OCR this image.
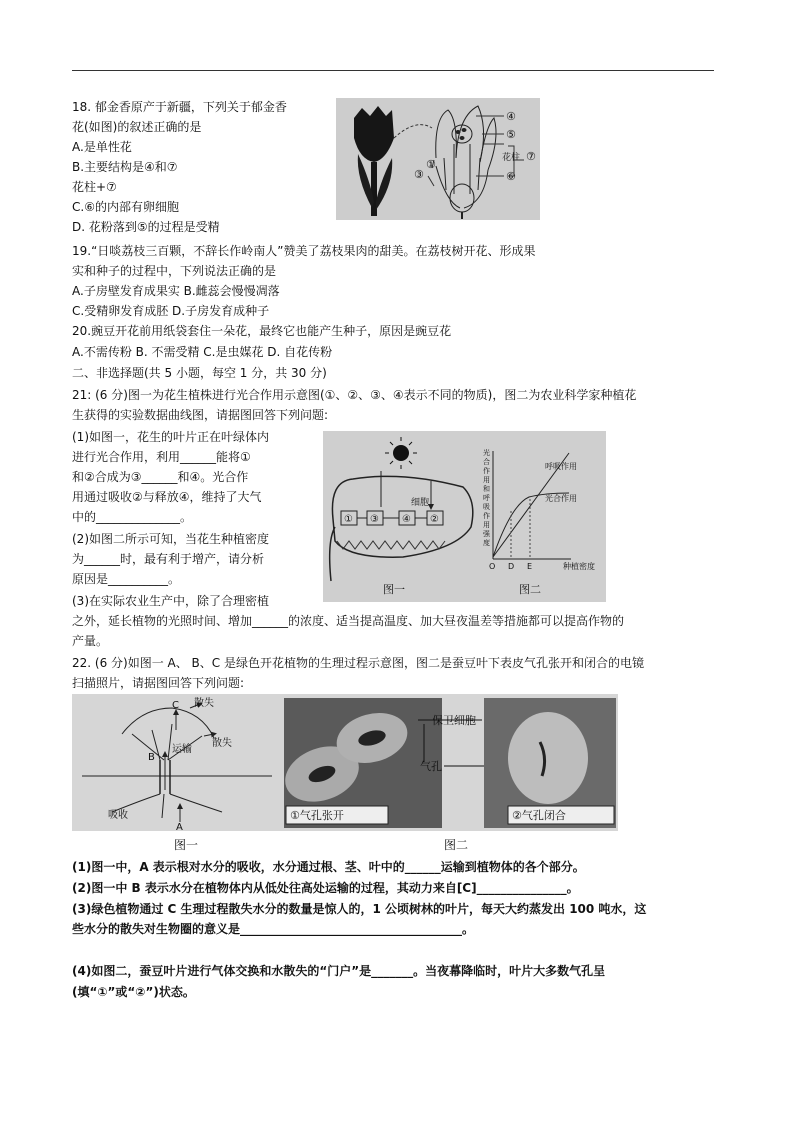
18. 郁金香原产于新疆，下列关于郁金香
花(如图)的叙述正确的是
A.是单性花
B.主要结构是④和⑦
花柱+⑦
C.⑥的内部有卵细胞
D. 花粉落到⑤的过程是受精
④
⑤
花柱 ⑦
③
①
⑥
19.“日啖荔枝三百颗，不辞长作岭南人”赞美了荔枝果肉的甜美。在荔枝树开花、形成果
实和种子的过程中，下列说法正确的是
A.子房壁发育成果实 B.雌蕊会慢慢凋落
C.受精卵发育成胚 D.子房发育成种子
20.豌豆开花前用纸袋套住一朵花，最终它也能产生种子，原因是豌豆花
A.不需传粉 B. 不需受精 C.是虫媒花 D. 自花传粉
二、非选择题(共 5 小题，每空 1 分，共 30 分)
21: (6 分)图一为花生植株进行光合作用示意图(①、②、③、④表示不同的物质)，图二为农业科学家种植花
生获得的实验数据曲线图，请据图回答下列问题:
(1)如图一，花生的叶片正在叶绿体内
进行光合作用，利用______能将①
和②合成为③______和④。光合作
用通过吸收②与释放④，维持了大气
中的______________。
(2)如图二所示可知，当花生种植密度
为______时，最有利于增产，请分析
原因是__________。
(3)在实际农业生产中，除了合理密植
之外，延长植物的光照时间、增加______的浓度、适当提高温度、加大昼夜温差等措施都可以提高作物的
产量。
① ③ ④ ②
细胞
图一
光合作用和呼吸作用强度
呼吸作用
光合作用
O D E	种植密度
图二
22. (6 分)如图一 A、 B、C 是绿色开花植物的生理过程示意图，图二是蚕豆叶下表皮气孔张开和闭合的电镜
扫描照片，请据图回答下列问题:
C 散失
散失
运输
B
吸收
A
①气孔张开
保卫细胞
气孔
②气孔闭合
图一	图二
(1)图一中，A 表示根对水分的吸收，水分通过根、茎、叶中的______运输到植物体的各个部分。
(2)图一中 B 表示水分在植物体内从低处往高处运输的过程，其动力来自[C]_______________。
(3)绿色植物通过 C 生理过程散失水分的数量是惊人的，1 公顷树林的叶片，每天大约蒸发出 100 吨水，这
些水分的散失对生物圈的意义是_____________________________________。
(4)如图二，蚕豆叶片进行气体交换和水散失的“门户”是_______。当夜幕降临时，叶片大多数气孔呈
(填“①”或“②”)状态。
